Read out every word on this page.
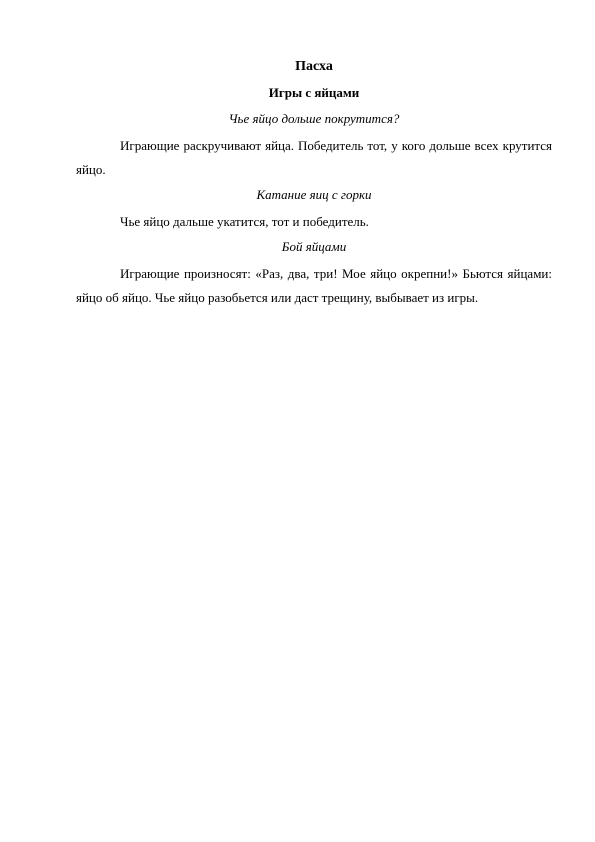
Пасха
Игры с яйцами
Чье яйцо дольше покрутится?

Играющие раскручивают яйца. Победитель тот, у кого дольше всех крутится яйцо.

Катание яиц с горки

Чье яйцо дальше укатится, тот и победитель.

Бой яйцами

Играющие произносят: «Раз, два, три! Мое яйцо окрепни!» Бьются яйцами: яйцо об яйцо. Чье яйцо разобьется или даст трещину, выбывает из игры.
